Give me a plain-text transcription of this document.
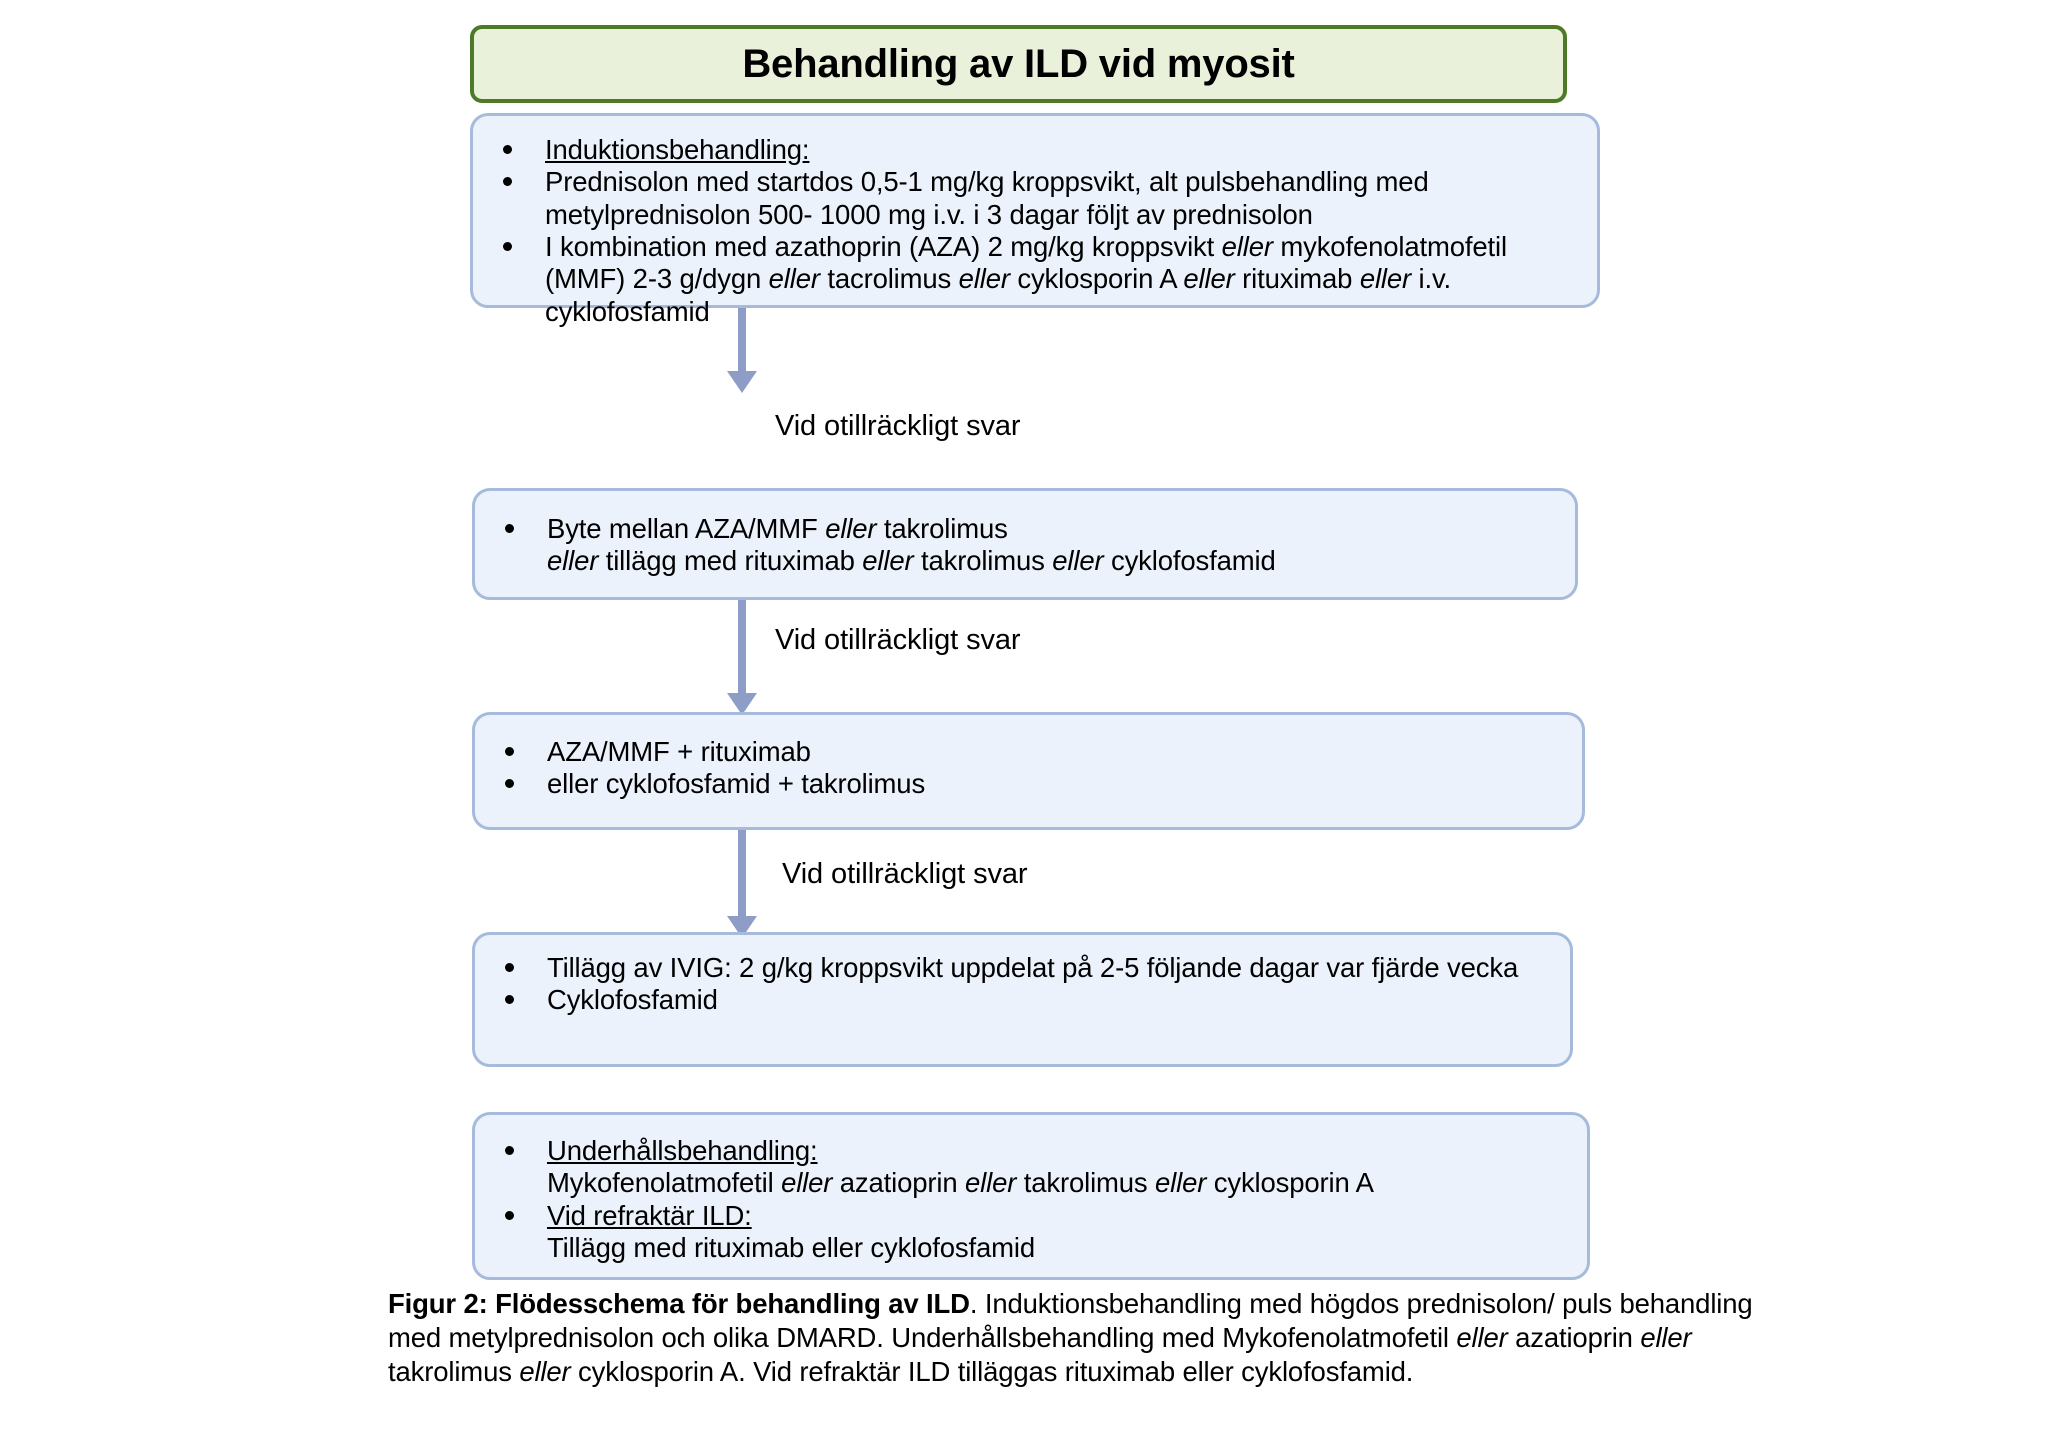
Behandling av ILD vid myosit
Induktionsbehandling:
Prednisolon med startdos 0,5-1 mg/kg kroppsvikt, alt pulsbehandling med metylprednisolon 500- 1000 mg i.v. i 3 dagar följt av prednisolon
I kombination med azathoprin (AZA) 2 mg/kg kroppsvikt eller mykofenolatmofetil (MMF) 2-3 g/dygn eller tacrolimus eller cyklosporin A eller rituximab eller i.v. cyklofosfamid
Vid otillräckligt svar
Byte mellan AZA/MMF eller takrolimus
eller tillägg med rituximab eller takrolimus eller cyklofosfamid
Vid otillräckligt svar
AZA/MMF + rituximab
eller cyklofosfamid + takrolimus
Vid otillräckligt svar
Tillägg av IVIG: 2 g/kg kroppsvikt uppdelat på 2-5 följande dagar var fjärde vecka
Cyklofosfamid
Underhållsbehandling:
Mykofenolatmofetil eller azatioprin eller takrolimus eller cyklosporin A
Vid refraktär ILD:
Tillägg med rituximab eller cyklofosfamid
Figur 2: Flödesschema för behandling av ILD. Induktionsbehandling med högdos prednisolon/ puls behandling med metylprednisolon och olika DMARD. Underhållsbehandling med Mykofenolatmofetil eller azatioprin eller takrolimus eller cyklosporin A. Vid refraktär ILD tilläggas rituximab eller cyklofosfamid.
